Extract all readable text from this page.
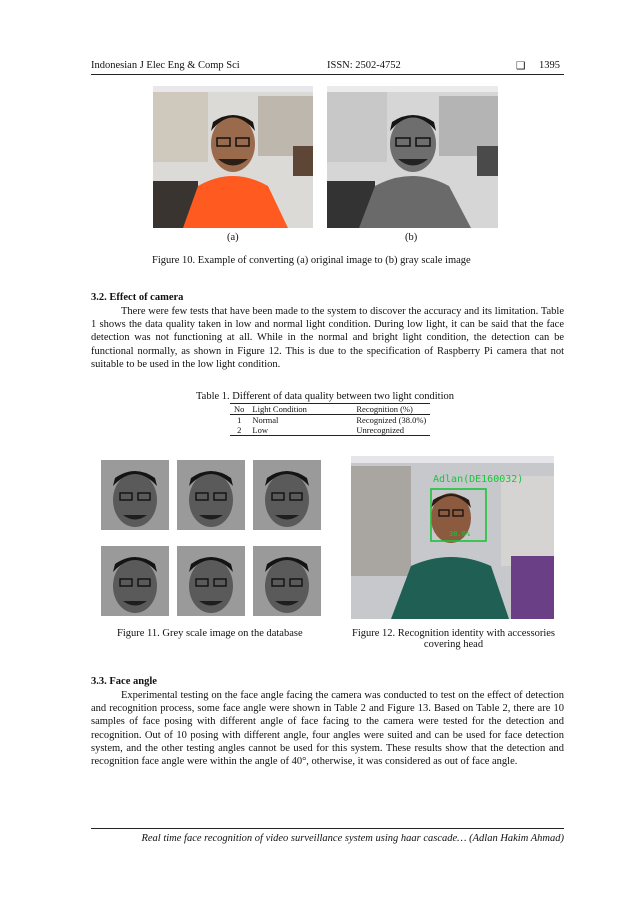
Indonesian J Elec Eng & Comp Sci	ISSN: 2502-4752	❑ 1395
(a)	(b)
Figure 10. Example of converting (a) original image to (b) gray scale image
3.2. Effect of camera
There were few tests that have been made to the system to discover the accuracy and its limitation. Table 1 shows the data quality taken in low and normal light condition. During low light, it can be said that the face detection was not functioning at all. While in the normal and bright light condition, the detection can be functional normally, as shown in Figure 12. This is due to the specification of Raspberry Pi camera that not suitable to be used in the low light condition.
Table 1. Different of data quality between two light condition
No	Light Condition	Recognition (%)
1	Normal	Recognized (38.0%)
2	Low	Unrecognized
Figure 11. Grey scale image on the database
Adlan(DE160032)
38.0%
Figure 12. Recognition identity with accessories
covering head
3.3. Face angle
Experimental testing on the face angle facing the camera was conducted to test on the effect of detection and recognition process, some face angle were shown in Table 2 and Figure 13. Based on Table 2, there are 10 samples of face posing with different angle of face facing to the camera were tested for the detection and recognition. Out of 10 posing with different angle, four angles were suited and can be used for face detection system, and the other testing angles cannot be used for this system. These results show that the detection and recognition face angle were within the angle of 40°, otherwise, it was considered as out of face angle.
Real time face recognition of video surveillance system using haar cascade… (Adlan Hakim Ahmad)
